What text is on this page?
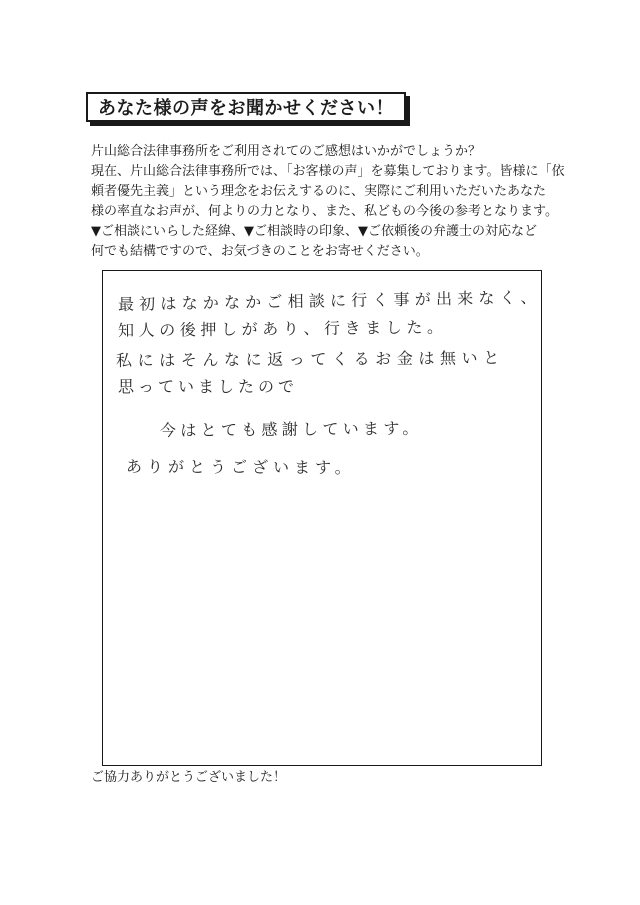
あなた様の声をお聞かせください！
片山総合法律事務所をご利用されてのご感想はいかがでしょうか？
現在、片山総合法律事務所では、「お客様の声」を募集しております。皆様に「依
頼者優先主義」という理念をお伝えするのに、実際にご利用いただいたあなた
様の率直なお声が、何よりの力となり、また、私どもの今後の参考となります。
▼ご相談にいらした経緯、▼ご相談時の印象、▼ご依頼後の弁護士の対応など
何でも結構ですので、お気づきのことをお寄せください。
最初はなかなかご相談に行く事が出来なく、
知人の後押しがあり、行きました。
私にはそんなに返ってくるお金は無いと
思っていましたので
今はとても感謝しています。
ありがとうございます。
ご協力ありがとうございました！
